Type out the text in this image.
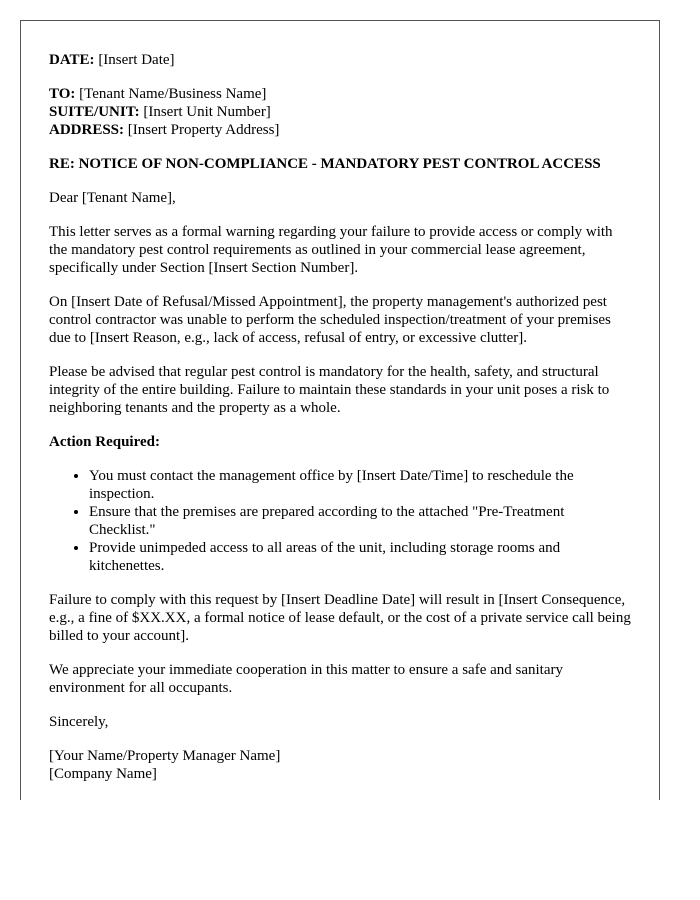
DATE: [Insert Date]

TO: [Tenant Name/Business Name]
SUITE/UNIT: [Insert Unit Number]
ADDRESS: [Insert Property Address]
RE: NOTICE OF NON-COMPLIANCE - MANDATORY PEST CONTROL ACCESS

Dear [Tenant Name],

This letter serves as a formal warning regarding your failure to provide access or comply with the mandatory pest control requirements as outlined in your commercial lease agreement, specifically under Section [Insert Section Number].

On [Insert Date of Refusal/Missed Appointment], the property management's authorized pest control contractor was unable to perform the scheduled inspection/treatment of your premises due to [Insert Reason, e.g., lack of access, refusal of entry, or excessive clutter].

Please be advised that regular pest control is mandatory for the health, safety, and structural integrity of the entire building. Failure to maintain these standards in your unit poses a risk to neighboring tenants and the property as a whole.

Action Required:
• You must contact the management office by [Insert Date/Time] to reschedule the inspection.
• Ensure that the premises are prepared according to the attached "Pre-Treatment Checklist."
• Provide unimpeded access to all areas of the unit, including storage rooms and kitchenettes.

Failure to comply with this request by [Insert Deadline Date] will result in [Insert Consequence, e.g., a fine of $XX.XX, a formal notice of lease default, or the cost of a private service call being billed to your account].

We appreciate your immediate cooperation in this matter to ensure a safe and sanitary environment for all occupants.

Sincerely,

[Your Name/Property Manager Name]
[Company Name]
